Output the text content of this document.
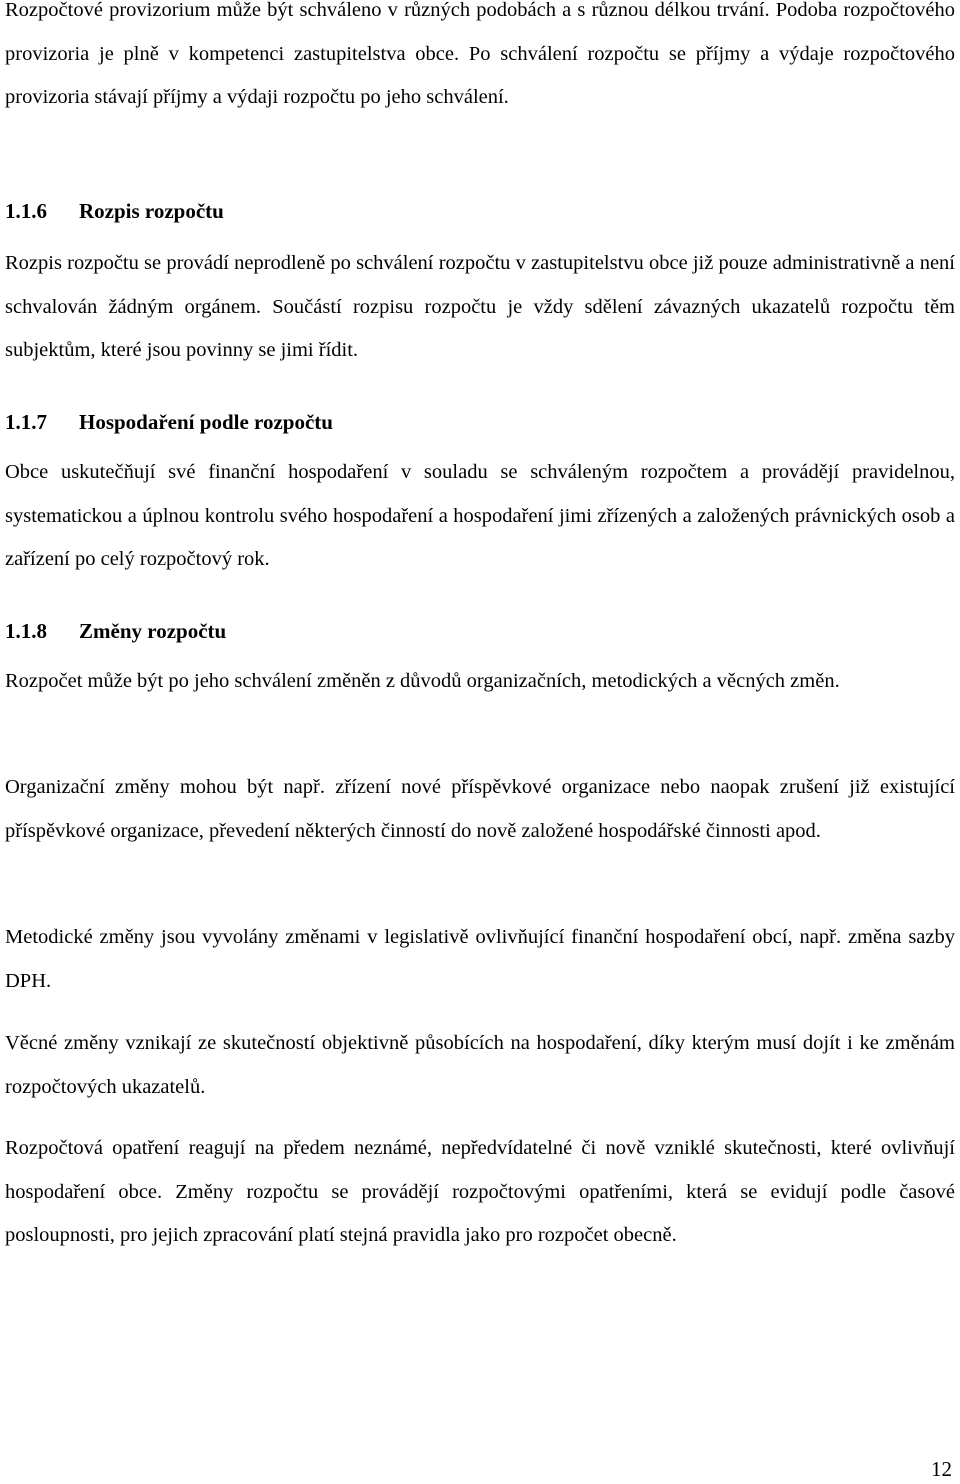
Rozpočtové provizorium může být schváleno v různých podobách a s různou délkou trvání. Podoba rozpočtového provizoria je plně v kompetenci zastupitelstva obce. Po schválení rozpočtu se příjmy a výdaje rozpočtového provizoria stávají příjmy a výdaji rozpočtu po jeho schválení.

1.1.6 Rozpis rozpočtu

Rozpis rozpočtu se provádí neprodleně po schválení rozpočtu v zastupitelstvu obce již pouze administrativně a není schvalován žádným orgánem. Součástí rozpisu rozpočtu je vždy sdělení závazných ukazatelů rozpočtu těm subjektům, které jsou povinny se jimi řídit.

1.1.7 Hospodaření podle rozpočtu

Obce uskutečňují své finanční hospodaření v souladu se schváleným rozpočtem a provádějí pravidelnou, systematickou a úplnou kontrolu svého hospodaření a hospodaření jimi zřízených a založených právnických osob a zařízení po celý rozpočtový rok.

1.1.8 Změny rozpočtu

Rozpočet může být po jeho schválení změněn z důvodů organizačních, metodických a věcných změn.

Organizační změny mohou být např. zřízení nové příspěvkové organizace nebo naopak zrušení již existující příspěvkové organizace, převedení některých činností do nově založené hospodářské činnosti apod.

Metodické změny jsou vyvolány změnami v legislativě ovlivňující finanční hospodaření obcí, např. změna sazby DPH.

Věcné změny vznikají ze skutečností objektivně působících na hospodaření, díky kterým musí dojít i ke změnám rozpočtových ukazatelů.

Rozpočtová opatření reagují na předem neznámé, nepředvídatelné či nově vzniklé skutečnosti, které ovlivňují hospodaření obce. Změny rozpočtu se provádějí rozpočtovými opatřeními, která se evidují podle časové posloupnosti, pro jejich zpracování platí stejná pravidla jako pro rozpočet obecně.

12
